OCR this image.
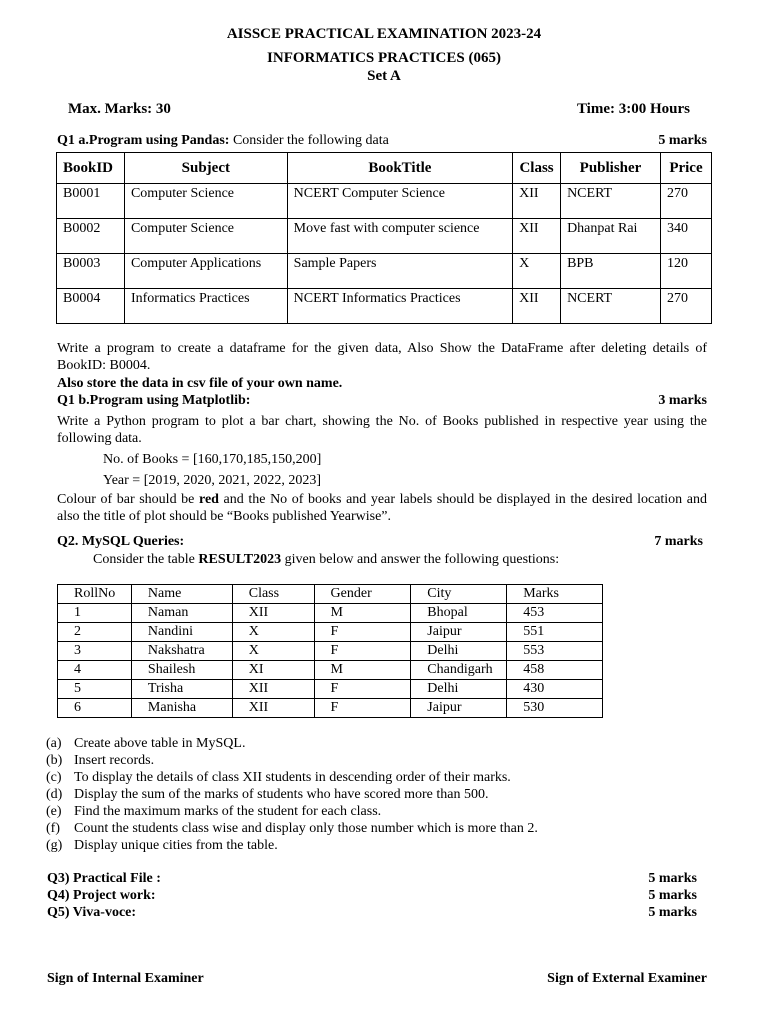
AISSCE PRACTICAL EXAMINATION 2023-24
INFORMATICS PRACTICES (065)
Set A
Max. Marks: 30	Time: 3:00 Hours
Q1 a.Program using Pandas: Consider the following data	5 marks
BookID	Subject	BookTitle	Class	Publisher	Price
B0001	Computer Science	NCERT Computer Science	XII	NCERT	270
B0002	Computer Science	Move fast with computer science	XII	Dhanpat Rai	340
B0003	Computer Applications	Sample Papers	X	BPB	120
B0004	Informatics Practices	NCERT Informatics Practices	XII	NCERT	270
Write a program to create a dataframe for the given data, Also Show the DataFrame after deleting details of BookID: B0004.
Also store the data in csv file of your own name.
Q1 b.Program using Matplotlib:	3 marks
Write a Python program to plot a bar chart, showing the No. of Books published in respective year using the following data.
No. of Books = [160,170,185,150,200]
Year = [2019, 2020, 2021, 2022, 2023]
Colour of bar should be red and the No of books and year labels should be displayed in the desired location and also the title of plot should be “Books published Yearwise”.
Q2. MySQL Queries:	7 marks
Consider the table RESULT2023 given below and answer the following questions:
RollNo	Name	Class	Gender	City	Marks
1	Naman	XII	M	Bhopal	453
2	Nandini	X	F	Jaipur	551
3	Nakshatra	X	F	Delhi	553
4	Shailesh	XI	M	Chandigarh	458
5	Trisha	XII	F	Delhi	430
6	Manisha	XII	F	Jaipur	530
(a) Create above table in MySQL.
(b) Insert records.
(c) To display the details of class XII students in descending order of their marks.
(d) Display the sum of the marks of students who have scored more than 500.
(e) Find the maximum marks of the student for each class.
(f)	Count the students class wise and display only those number which is more than 2.
(g) Display unique cities from the table.
Q3) Practical File :	5 marks
Q4) Project work:	5 marks
Q5) Viva-voce:	5 marks
Sign of Internal Examiner	Sign of External Examiner
